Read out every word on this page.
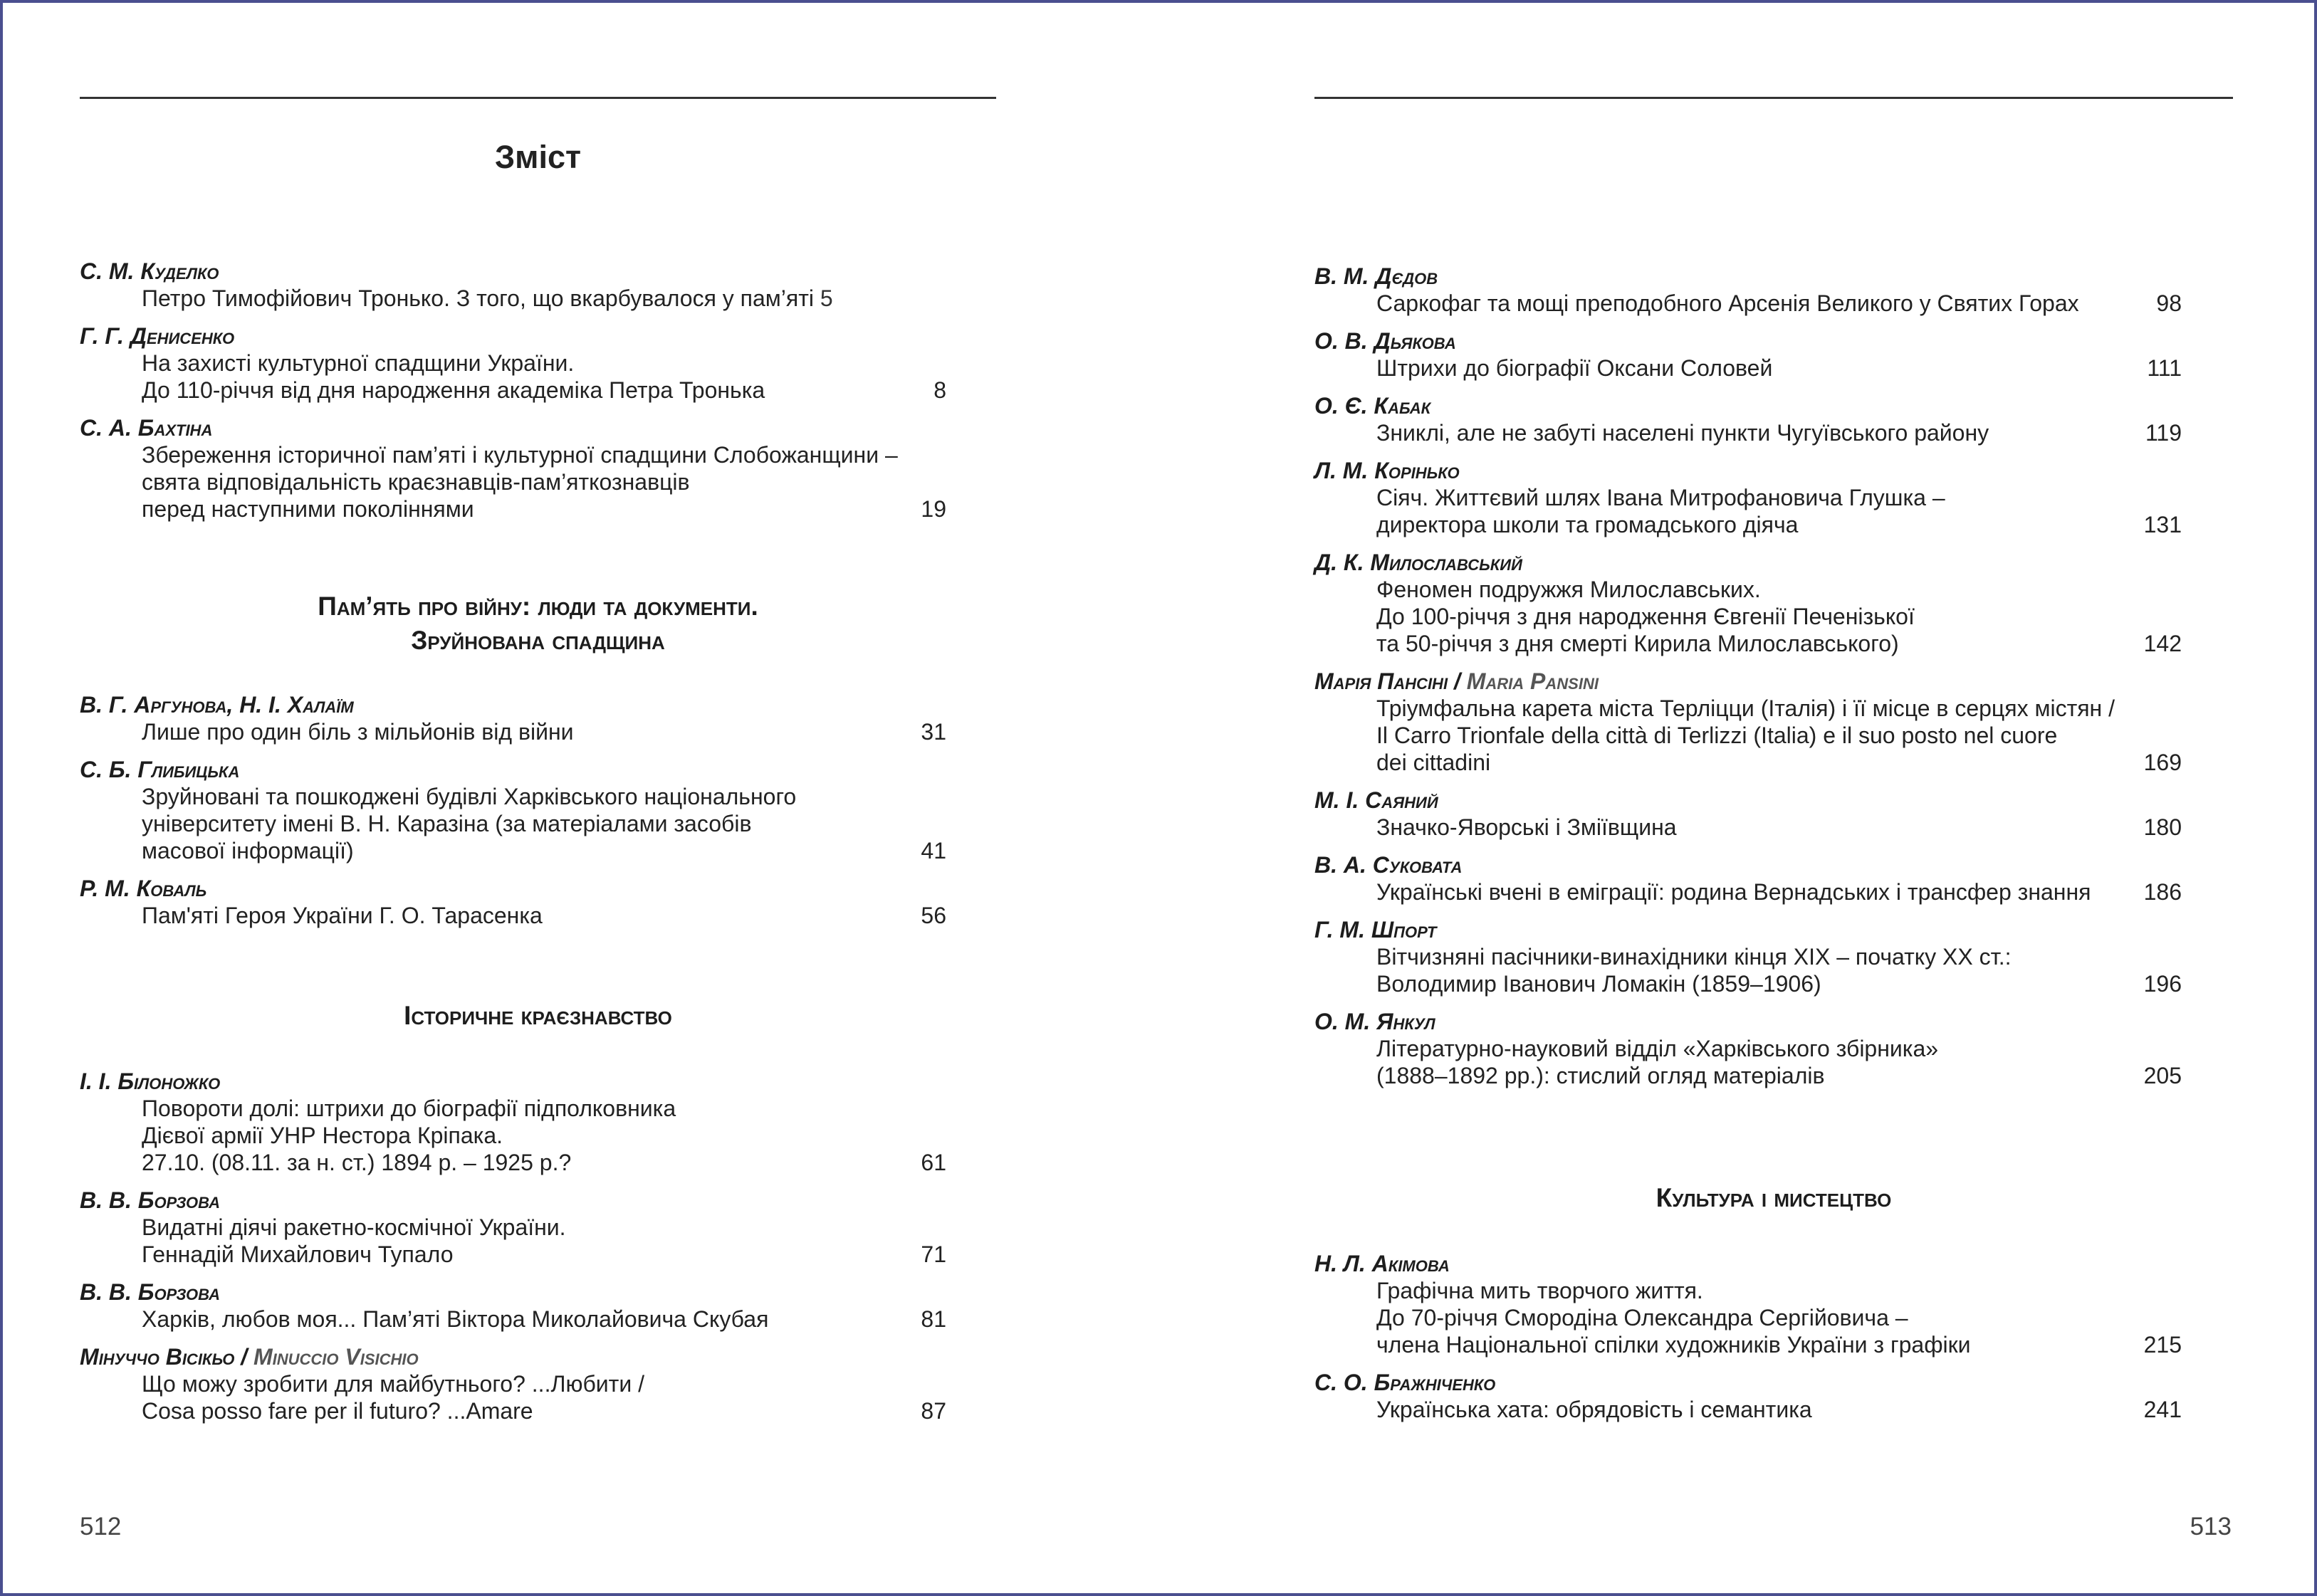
Зміст
С. М. Куделко
Петро Тимофійович Тронько. З того, що вкарбувалося у пам’яті 5
Г. Г. Денисенко
На захисті культурної спадщини України.
До 110-річчя від дня народження академіка Петра Тронька	8
С. А. Бахтіна
Збереження історичної пам’яті і культурної спадщини Слобожанщини –
свята відповідальність краєзнавців-пам’яткознавців
перед наступними поколіннями	19
Пам’ять про війну: люди та документи.
Зруйнована спадщина
В. Г. Аргунова, Н. І. Халаїм
Лише про один біль з мільйонів від війни	31
С. Б. Глибицька
Зруйновані та пошкоджені будівлі Харківського національного
університету імені В. Н. Каразіна (за матеріалами засобів
масової інформації)	41
Р. М. Коваль
Пам'яті Героя України Г. О. Тарасенка	56
Історичне краєзнавство
І. І. Білоножко
Повороти долі: штрихи до біографії підполковника
Дієвої армії УНР Нестора Кріпака.
27.10. (08.11. за н. ст.) 1894 р. – 1925 р.?	61
В. В. Борзова
Видатні діячі ракетно-космічної України.
Геннадій Михайлович Тупало	71
В. В. Борзова
Харків, любов моя... Пам’яті Віктора Миколайовича Скубая	81
Мінуччо Вісікьо / Minuccio Visichio
Що можу зробити для майбутнього? ...Любити /
Cosa posso fare per il futuro? ...Amare	87
512
В. М. Дєдов
Саркофаг та мощі преподобного Арсенія Великого у Святих Горах	98
О. В. Дьякова
Штрихи до біографії Оксани Соловей	111
О. Є. Кабак
Зниклі, але не забуті населені пункти Чугуївського району	119
Л. М. Корінько
Сіяч. Життєвий шлях Івана Митрофановича Глушка –
директора школи та громадського діяча	131
Д. К. Милославський
Феномен подружжя Милославських.
До 100-річчя з дня народження Євгенії Печенізької
та 50-річчя з дня смерті Кирила Милославського)	142
Марія Пансіні / Maria Pansini
Тріумфальна карета міста Терліцци (Італія) і її місце в серцях містян /
Il Carro Trionfale della città di Terlizzi (Italia) e il suo posto nel cuore
dei cittadini	169
М. І. Саяний
Значко-Яворські і Зміївщина	180
В. А. Суковата
Українські вчені в еміграції: родина Вернадських і трансфер знання	186
Г. М. Шпорт
Вітчизняні пасічники-винахідники кінця ХІХ – початку ХХ ст.:
Володимир Іванович Ломакін (1859–1906)	196
О. М. Янкул
Літературно-науковий відділ «Харківського збірника»
(1888–1892 рр.): стислий огляд матеріалів	205
Культура і мистецтво
Н. Л. Акімова
Графічна мить творчого життя.
До 70-річчя Смородіна Олександра Сергійовича –
члена Національної спілки художників України з графіки	215
С. О. Бражніченко
Українська хата: обрядовість і семантика	241
513
